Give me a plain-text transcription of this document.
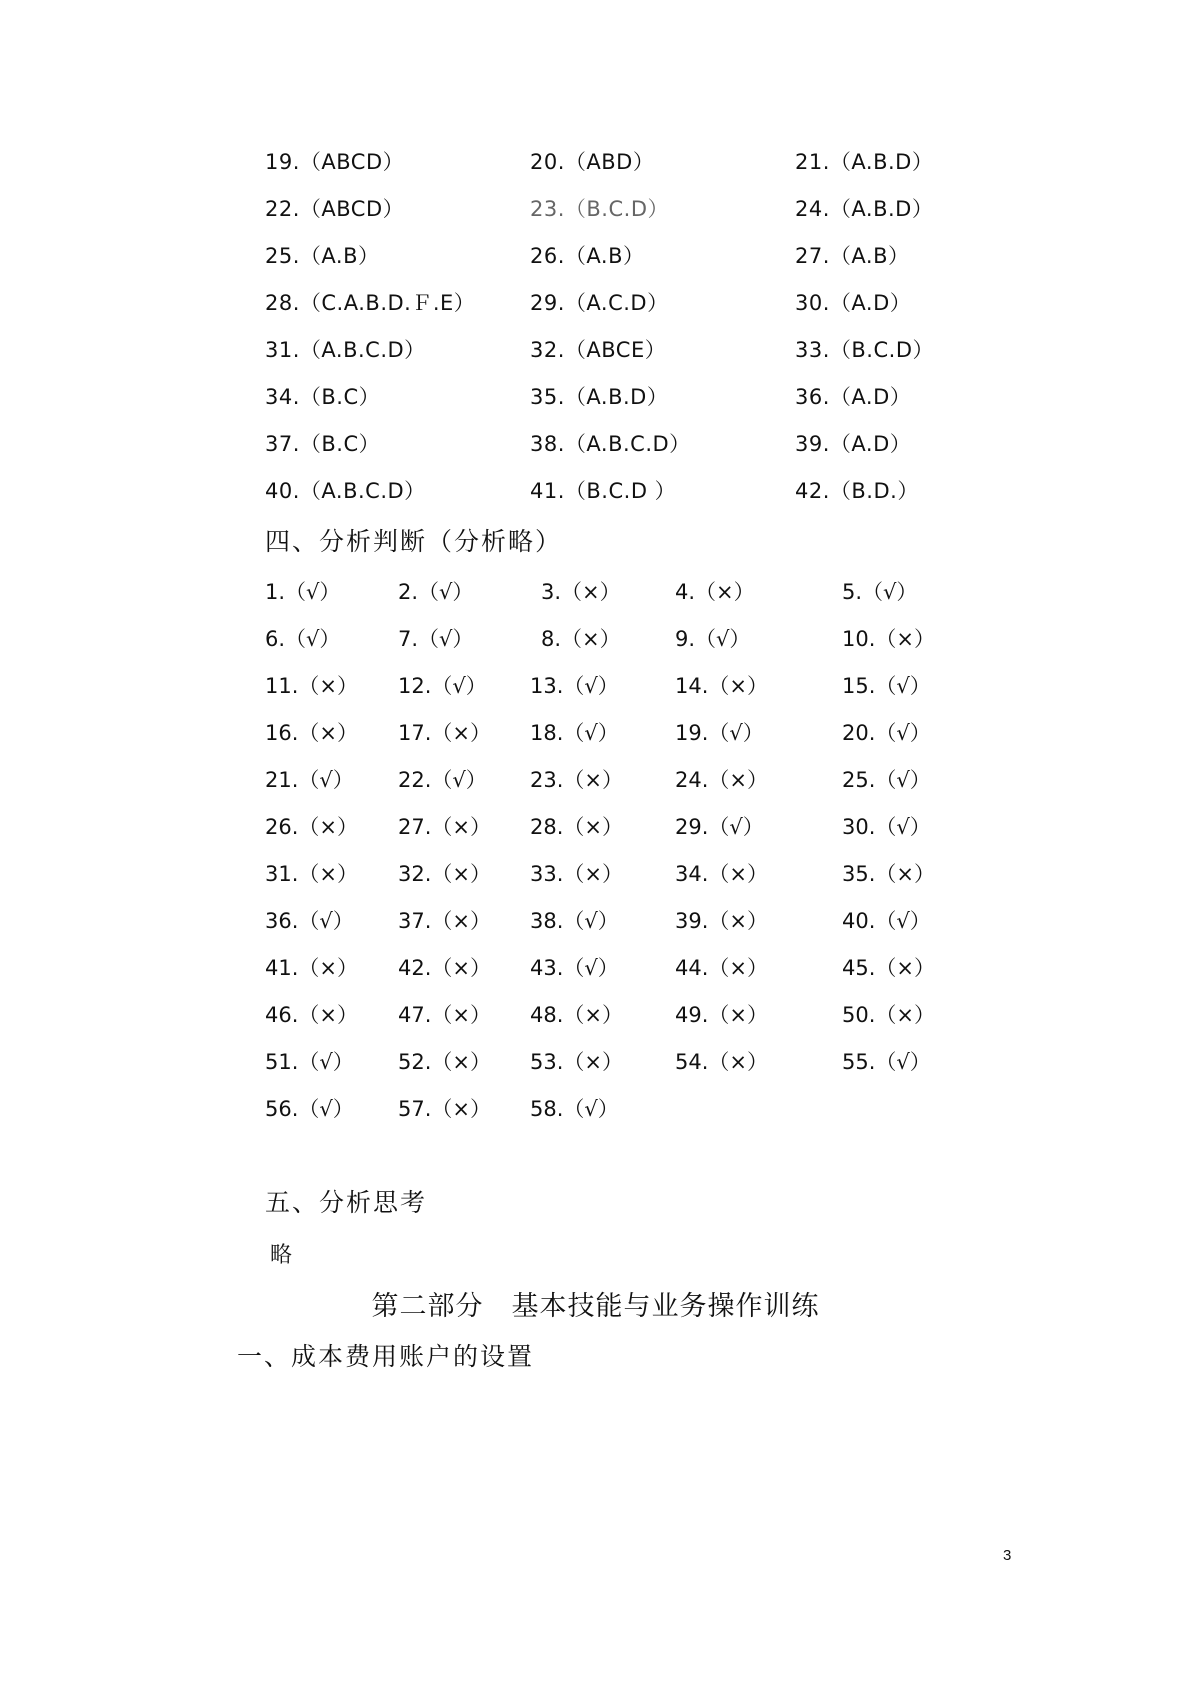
19.（ABCD）	20.（ABD）	21.（A.B.D）
22.（ABCD）	23.（B.C.D）	24.（A.B.D）
25.（A.B）	26.（A.B）	27.（A.B）
28.（C.A.B.D.Ｆ.E）	29.（A.C.D）	30.（A.D）
31.（A.B.C.D）	32.（ABCE）	33.（B.C.D）
34.（B.C）	35.（A.B.D）	36.（A.D）
37.（B.C）	38.（A.B.C.D）	39.（A.D）
40.（A.B.C.D）	41.（B.C.D ）	42.（B.D.）
四、分析判断（分析略）
1.（√）	2.（√）	3.（×）	4.（×）	5.（√）
6.（√）	7.（√）	8.（×）	9.（√）	10.（×）
11.（×） 12.（√） 13.（√）	14.（×）	15.（√）
16.（×） 17.（×） 18.（√）	19.（√）	20.（√）
21.（√） 22.（√） 23.（×） 24.（×）	25.（√）
26.（×） 27.（×） 28.（×） 29.（√）	30.（√）
31.（×） 32.（×） 33.（×） 34.（×）	35.（×）
36.（√） 37.（×） 38.（√）	39.（×）	40.（√）
41.（×） 42.（×） 43.（√）	44.（×）	45.（×）
46.（×） 47.（×） 48.（×） 49.（×）	50.（×）
51.（√） 52.（×） 53.（×） 54.（×）	55.（√）
56.（√） 57.（×） 58.（√）
五、分析思考
略
第二部分　基本技能与业务操作训练
一、成本费用账户的设置
3
